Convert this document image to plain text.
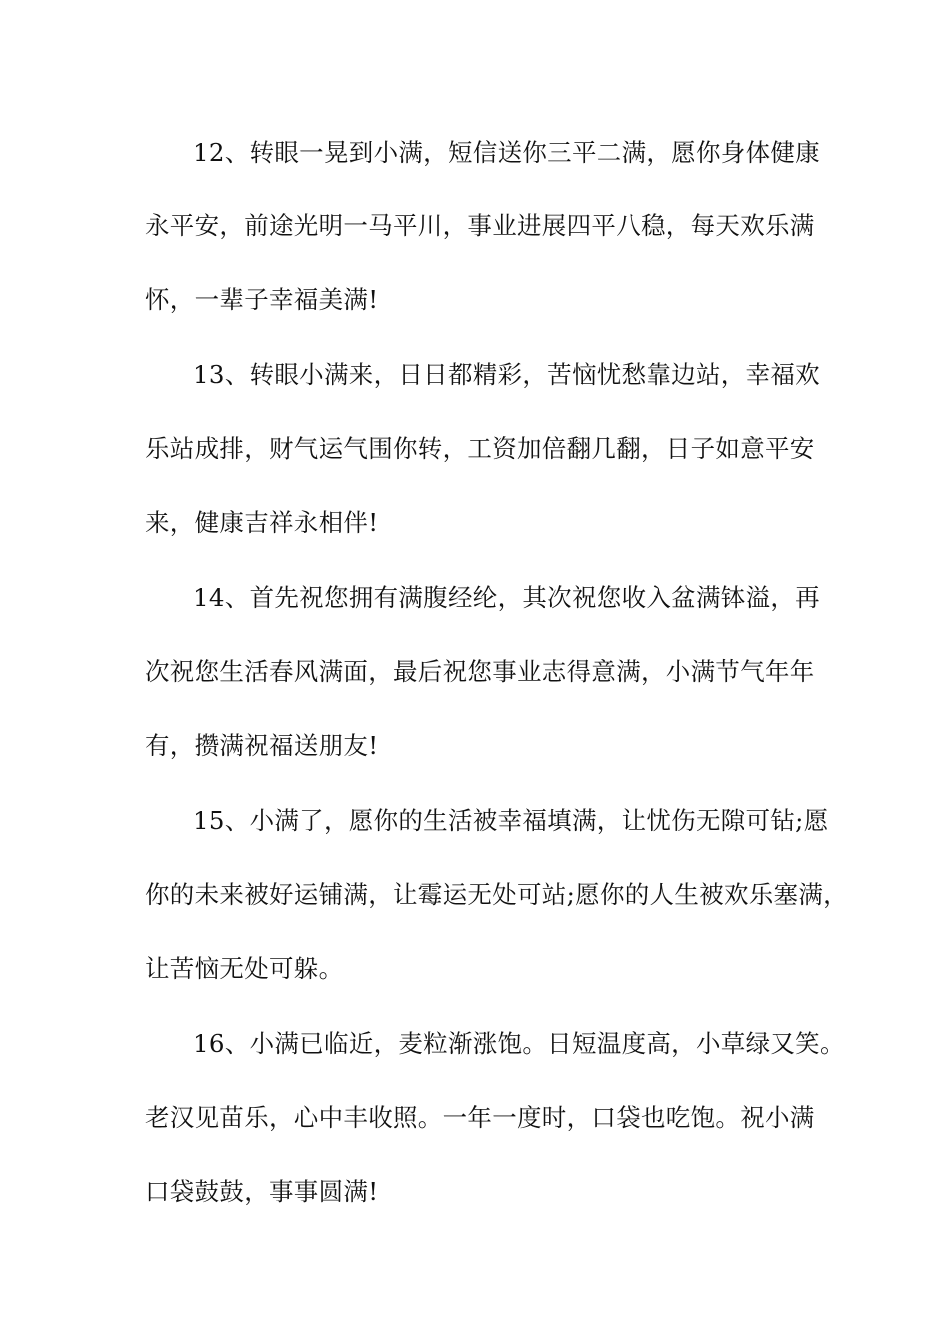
12、转眼一晃到小满，短信送你三平二满，愿你身体健康
永平安，前途光明一马平川，事业进展四平八稳，每天欢乐满
怀，一辈子幸福美满!
13、转眼小满来，日日都精彩，苦恼忧愁靠边站，幸福欢
乐站成排，财气运气围你转，工资加倍翻几翻，日子如意平安
来，健康吉祥永相伴!
14、首先祝您拥有满腹经纶，其次祝您收入盆满钵溢，再
次祝您生活春风满面，最后祝您事业志得意满，小满节气年年
有，攒满祝福送朋友!
15、小满了，愿你的生活被幸福填满，让忧伤无隙可钻;愿
你的未来被好运铺满，让霉运无处可站;愿你的人生被欢乐塞满，
让苦恼无处可躲。
16、小满已临近，麦粒渐涨饱。日短温度高，小草绿又笑。
老汉见苗乐，心中丰收照。一年一度时，口袋也吃饱。祝小满
口袋鼓鼓，事事圆满!
